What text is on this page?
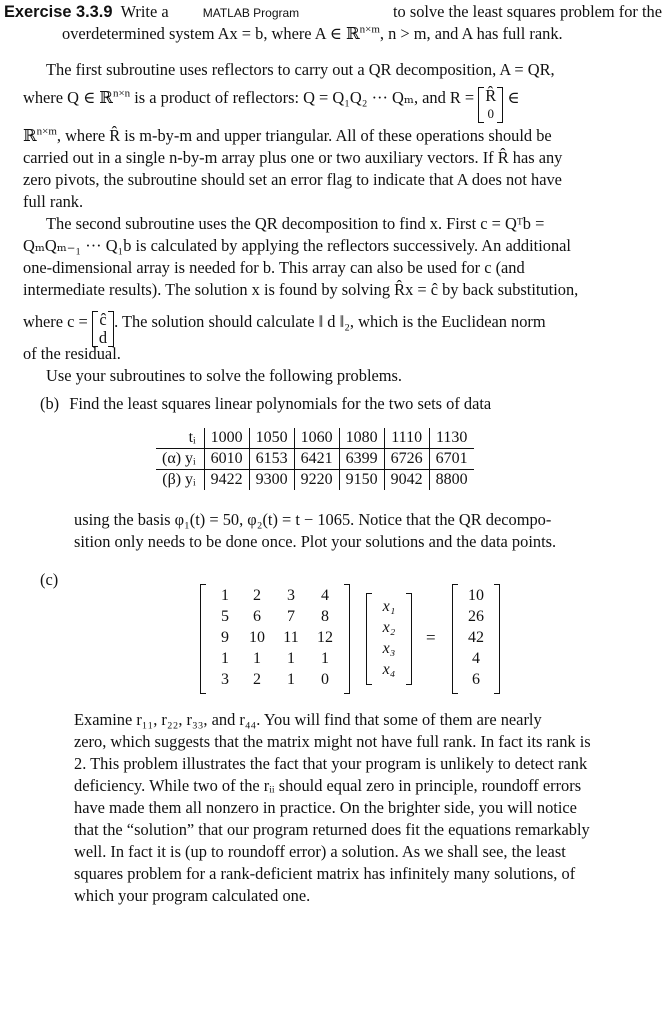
Exercise 3.3.9 Write a	MATLAB Program	to solve the least squares problem for the
overdetermined system Ax = b, where A ∈ ℝ$^{n\times m}$, n > m, and A has full rank.
The first subroutine uses reflectors to carry out a QR decomposition, A = QR,
where Q ∈ ℝ$^{n\times n}$ is a product of reflectors: Q = Q₁Q₂ ··· Qₘ, and R = R̂
0
∈
ℝ$^{n\times m}$, where R̂ is m-by-m and upper triangular. All of these operations should be
carried out in a single n-by-m array plus one or two auxiliary vectors. If R̂ has any
zero pivots, the subroutine should set an error flag to indicate that A does not have
full rank.
The second subroutine uses the QR decomposition to find x. First c = Qᵀb =
QₘQₘ₋₁ ··· Q₁b is calculated by applying the reflectors successively. An additional
one-dimensional array is needed for b. This array can also be used for c (and
intermediate results). The solution x is found by solving R̂x = ĉ by back substitution,
where c = ĉ
d
. The solution should calculate ‖ d ‖₂, which is the Euclidean norm
of the residual.
Use your subroutines to solve the following problems.
(b) Find the least squares linear polynomials for the two sets of data
tᵢ	1000	1050	1060	1080	1110	1130
(α) yᵢ	6010	6153	6421	6399	6726	6701
(β) yᵢ	9422	9300	9220	9150	9042	8800
using the basis φ₁(t) = 50, φ₂(t) = t − 1065. Notice that the QR decompo-
sition only needs to be done once. Plot your solutions and the data points.
(c)
1	2	3	4
5	6	7	8
9	10	11	12
1	1	1	1
3	2	1	0
x₁
x₂
x₃
x₄
=
10
26
42
4
6
Examine r₁₁, r₂₂, r₃₃, and r₄₄. You will find that some of them are nearly
zero, which suggests that the matrix might not have full rank. In fact its rank is
2. This problem illustrates the fact that your program is unlikely to detect rank
deficiency. While two of the rᵢᵢ should equal zero in principle, roundoff errors
have made them all nonzero in practice. On the brighter side, you will notice
that the “solution” that our program returned does fit the equations remarkably
well. In fact it is (up to roundoff error) a solution. As we shall see, the least
squares problem for a rank-deficient matrix has infinitely many solutions, of
which your program calculated one.
